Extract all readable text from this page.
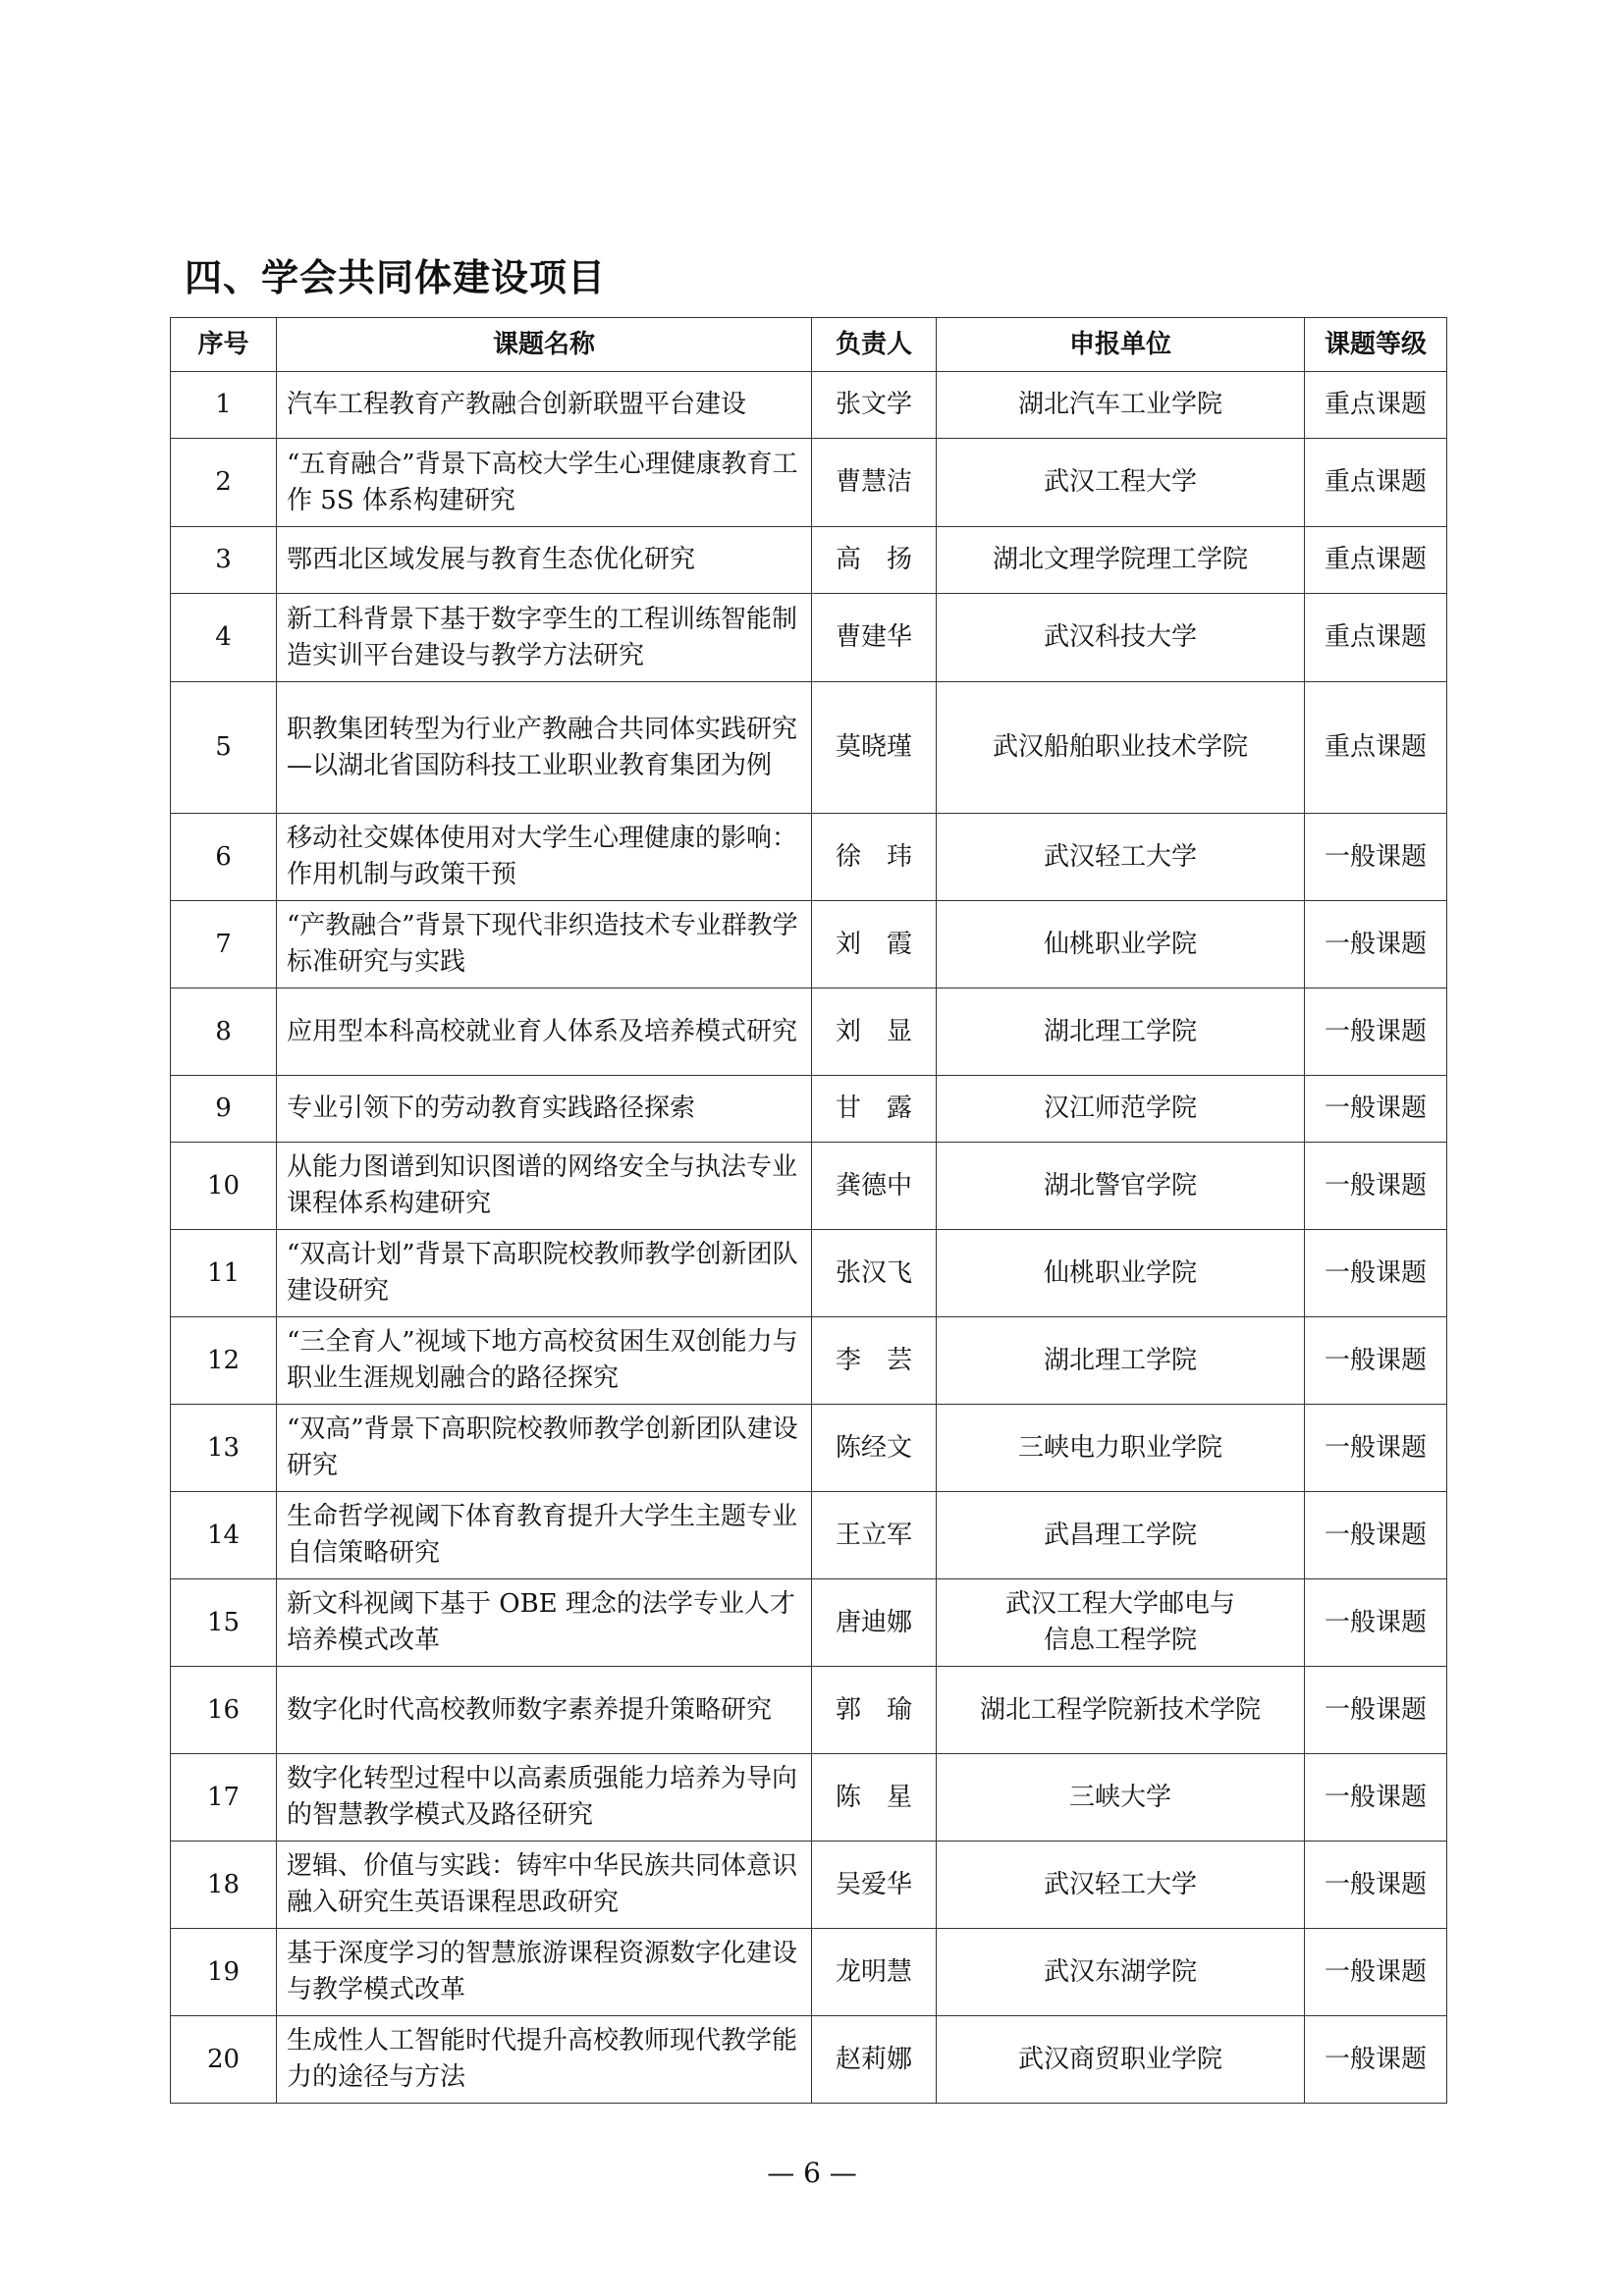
四、学会共同体建设项目
序号	课题名称	负责人	申报单位	课题等级
1	汽车工程教育产教融合创新联盟平台建设	张文学	湖北汽车工业学院	重点课题
2	“五育融合”背景下高校大学生心理健康教育工作 5S 体系构建研究	曹慧洁	武汉工程大学	重点课题
3	鄂西北区域发展与教育生态优化研究	高　扬	湖北文理学院理工学院	重点课题
4	新工科背景下基于数字孪生的工程训练智能制造实训平台建设与教学方法研究	曹建华	武汉科技大学	重点课题
5	职教集团转型为行业产教融合共同体实践研究—以湖北省国防科技工业职业教育集团为例	莫晓瑾	武汉船舶职业技术学院	重点课题
6	移动社交媒体使用对大学生心理健康的影响：作用机制与政策干预	徐　玮	武汉轻工大学	一般课题
7	“产教融合”背景下现代非织造技术专业群教学标准研究与实践	刘　霞	仙桃职业学院	一般课题
8	应用型本科高校就业育人体系及培养模式研究	刘　显	湖北理工学院	一般课题
9	专业引领下的劳动教育实践路径探索	甘　露	汉江师范学院	一般课题
10	从能力图谱到知识图谱的网络安全与执法专业课程体系构建研究	龚德中	湖北警官学院	一般课题
11	“双高计划”背景下高职院校教师教学创新团队建设研究	张汉飞	仙桃职业学院	一般课题
12	“三全育人”视域下地方高校贫困生双创能力与职业生涯规划融合的路径探究	李　芸	湖北理工学院	一般课题
13	“双高”背景下高职院校教师教学创新团队建设研究	陈经文	三峡电力职业学院	一般课题
14	生命哲学视阈下体育教育提升大学生主题专业自信策略研究	王立军	武昌理工学院	一般课题
15	新文科视阈下基于 OBE 理念的法学专业人才培养模式改革	唐迪娜	武汉工程大学邮电与信息工程学院	一般课题
16	数字化时代高校教师数字素养提升策略研究	郭　瑜	湖北工程学院新技术学院	一般课题
17	数字化转型过程中以高素质强能力培养为导向的智慧教学模式及路径研究	陈　星	三峡大学	一般课题
18	逻辑、价值与实践：铸牢中华民族共同体意识融入研究生英语课程思政研究	吴爱华	武汉轻工大学	一般课题
19	基于深度学习的智慧旅游课程资源数字化建设与教学模式改革	龙明慧	武汉东湖学院	一般课题
20	生成性人工智能时代提升高校教师现代教学能力的途径与方法	赵莉娜	武汉商贸职业学院	一般课题
— 6 —
